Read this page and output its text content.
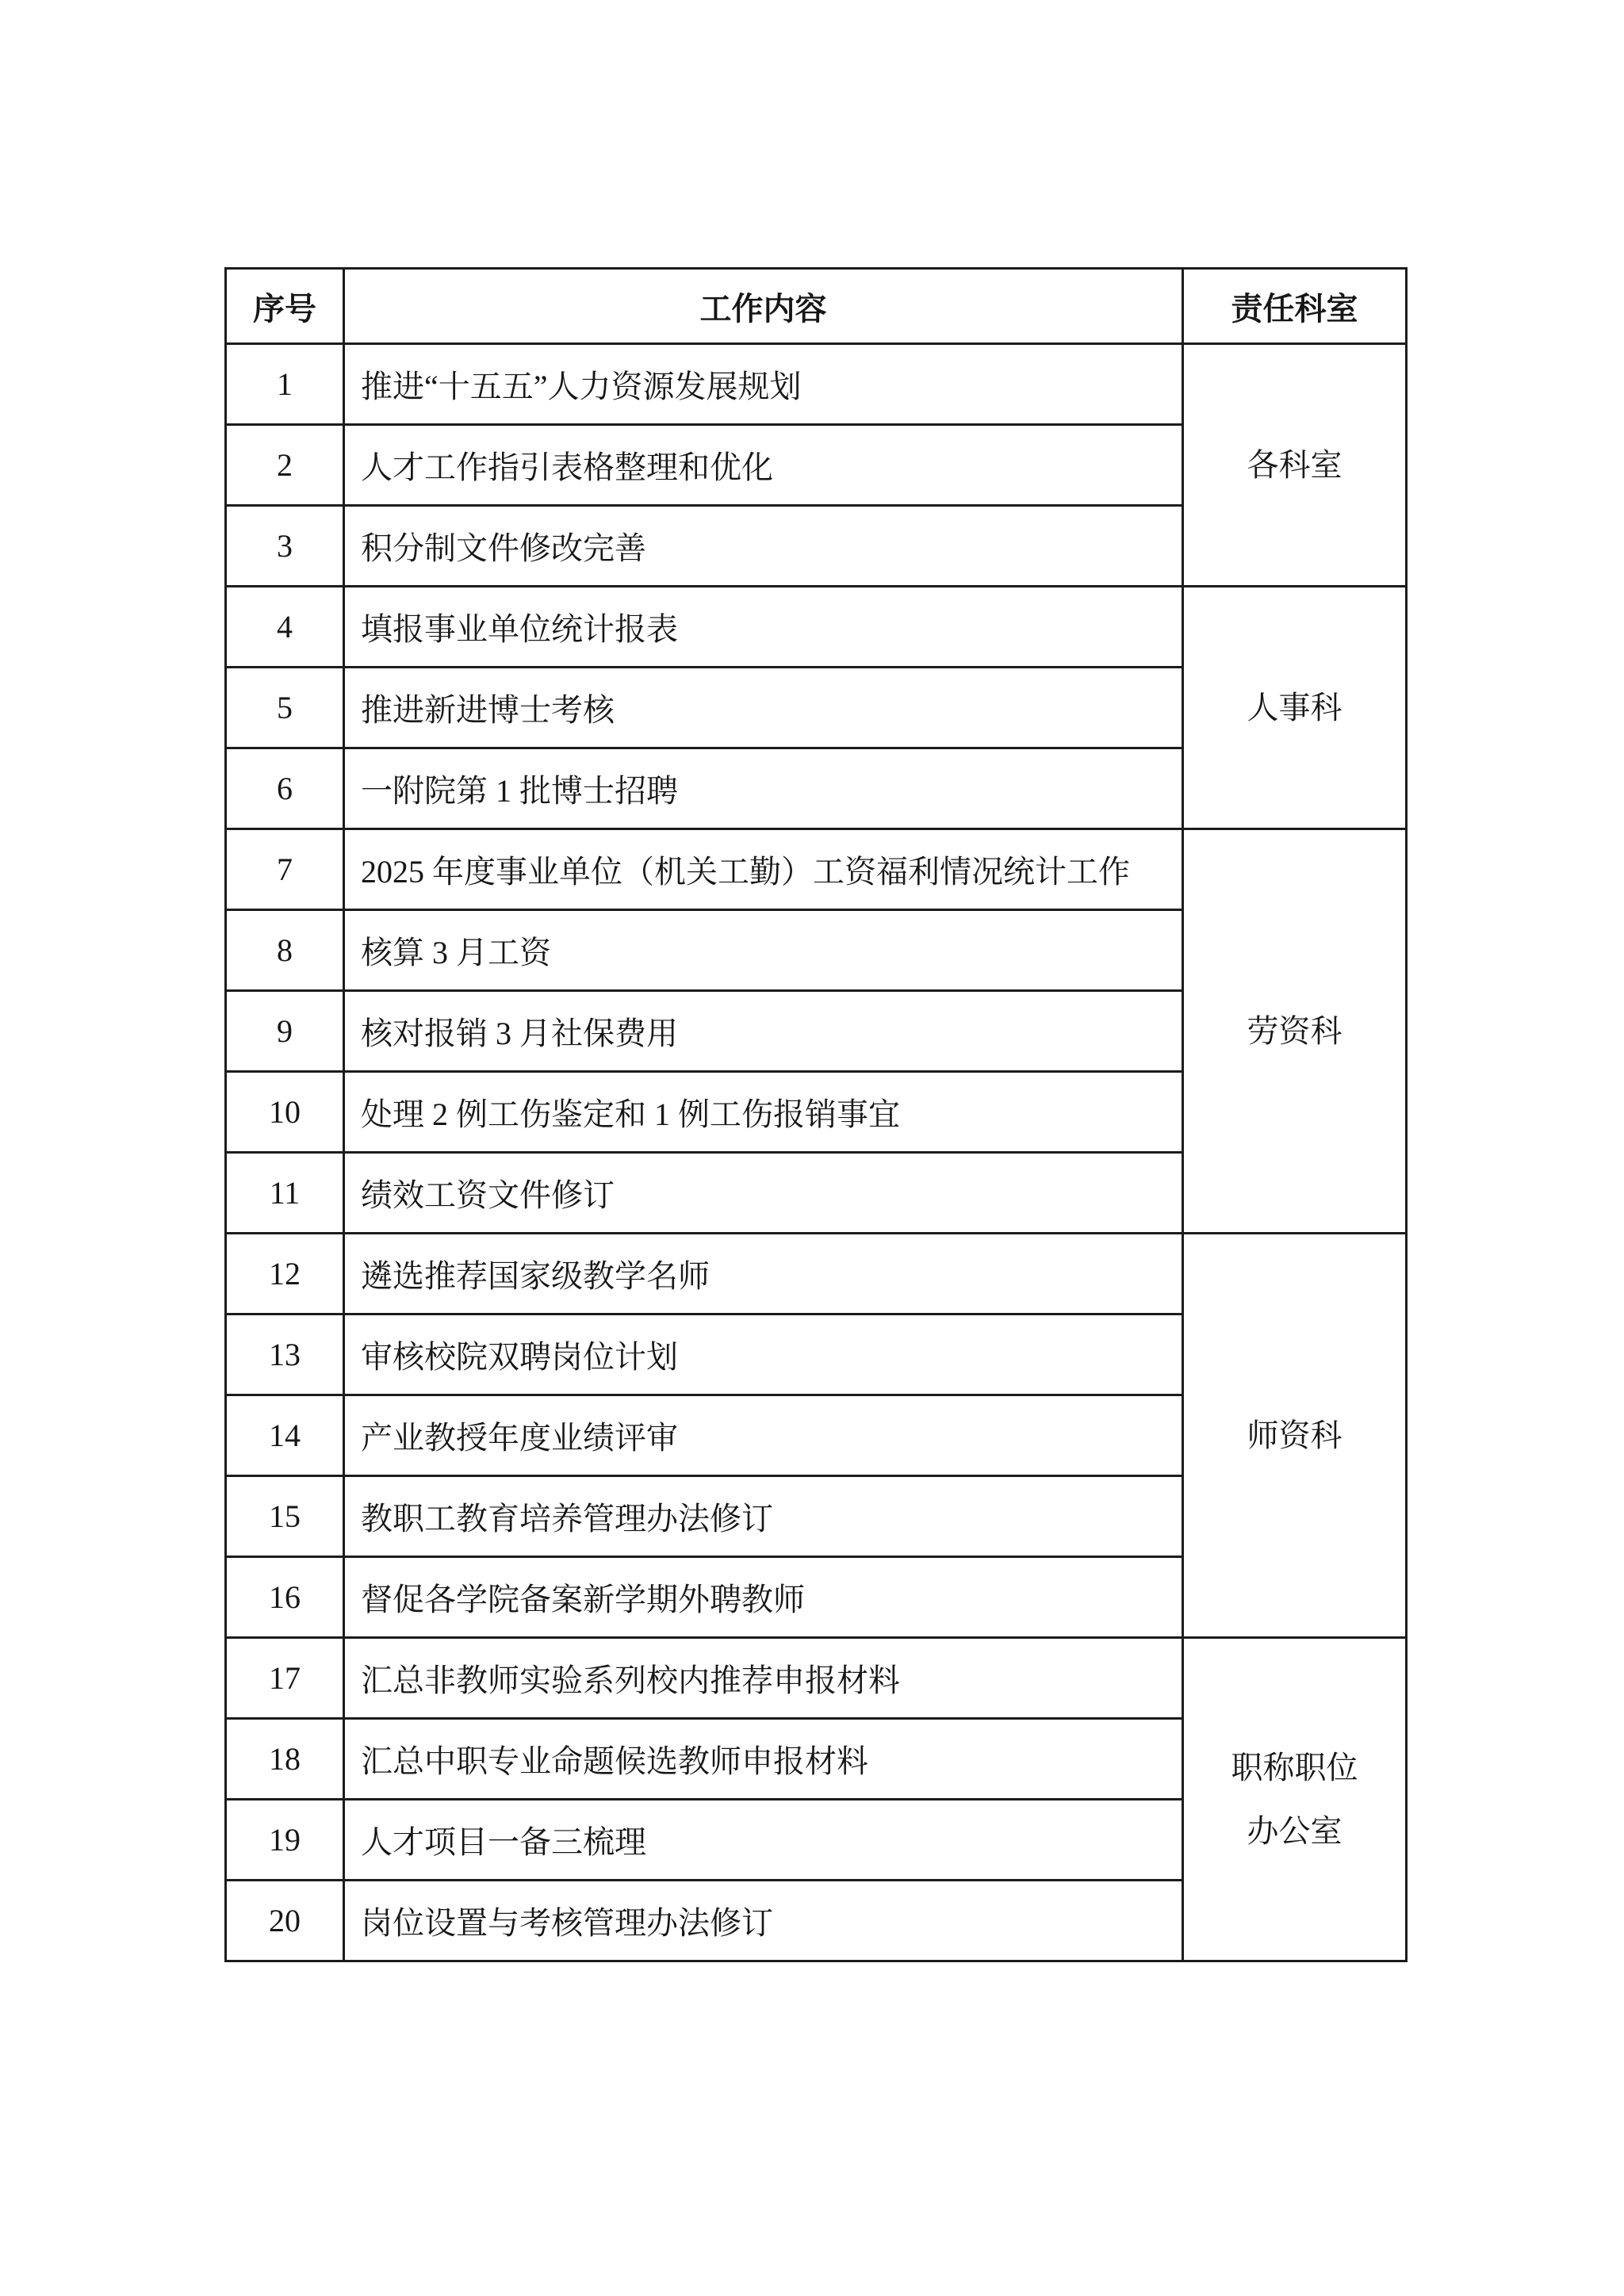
序号	工作内容	责任科室
1	推进“十五五”人力资源发展规划	各科室
2	人才工作指引表格整理和优化	
3	积分制文件修改完善	
4	填报事业单位统计报表	人事科
5	推进新进博士考核	
6	一附院第 1 批博士招聘	
7	2025 年度事业单位（机关工勤）工资福利情况统计工作	劳资科
8	核算 3 月工资	
9	核对报销 3 月社保费用	
10	处理 2 例工伤鉴定和 1 例工伤报销事宜	
11	绩效工资文件修订	
12	遴选推荐国家级教学名师	师资科
13	审核校院双聘岗位计划	
14	产业教授年度业绩评审	
15	教职工教育培养管理办法修订	
16	督促各学院备案新学期外聘教师	
17	汇总非教师实验系列校内推荐申报材料	职称职位办公室
18	汇总中职专业命题候选教师申报材料	
19	人才项目一备三梳理	
20	岗位设置与考核管理办法修订	
